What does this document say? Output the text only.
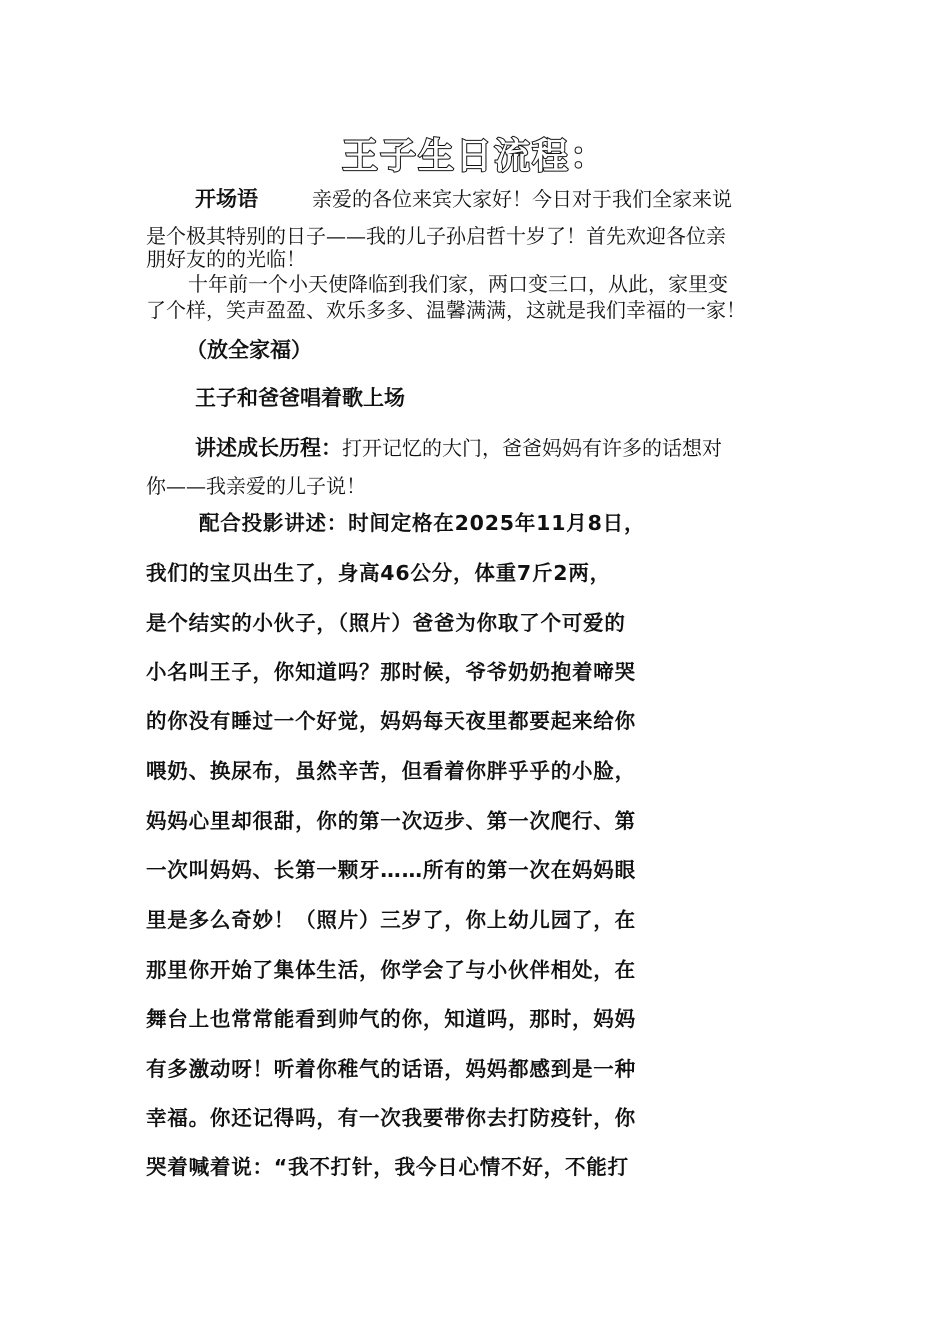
王子生日流程：
开场语	亲爱的各位来宾大家好！今日对于我们全家来说
是个极其特别的日子——我的儿子孙启哲十岁了！首先欢迎各位亲
朋好友的的光临！
十年前一个小天使降临到我们家，两口变三口，从此，家里变
了个样，笑声盈盈、欢乐多多、温馨满满，这就是我们幸福的一家！
（放全家福）
王子和爸爸唱着歌上场
讲述成长历程：打开记忆的大门，爸爸妈妈有许多的话想对
你——我亲爱的儿子说！
配合投影讲述：时间定格在2025年11月8日，
我们的宝贝出生了，身高46公分，体重7斤2两，
是个结实的小伙子，（照片）爸爸为你取了个可爱的
小名叫王子，你知道吗？那时候，爷爷奶奶抱着啼哭
的你没有睡过一个好觉，妈妈每天夜里都要起来给你
喂奶、换尿布，虽然辛苦，但看着你胖乎乎的小脸，
妈妈心里却很甜，你的第一次迈步、第一次爬行、第
一次叫妈妈、长第一颗牙……所有的第一次在妈妈眼
里是多么奇妙！（照片）三岁了，你上幼儿园了，在
那里你开始了集体生活，你学会了与小伙伴相处，在
舞台上也常常能看到帅气的你，知道吗，那时，妈妈
有多激动呀！听着你稚气的话语，妈妈都感到是一种
幸福。你还记得吗，有一次我要带你去打防疫针，你
哭着喊着说：“我不打针，我今日心情不好，不能打
